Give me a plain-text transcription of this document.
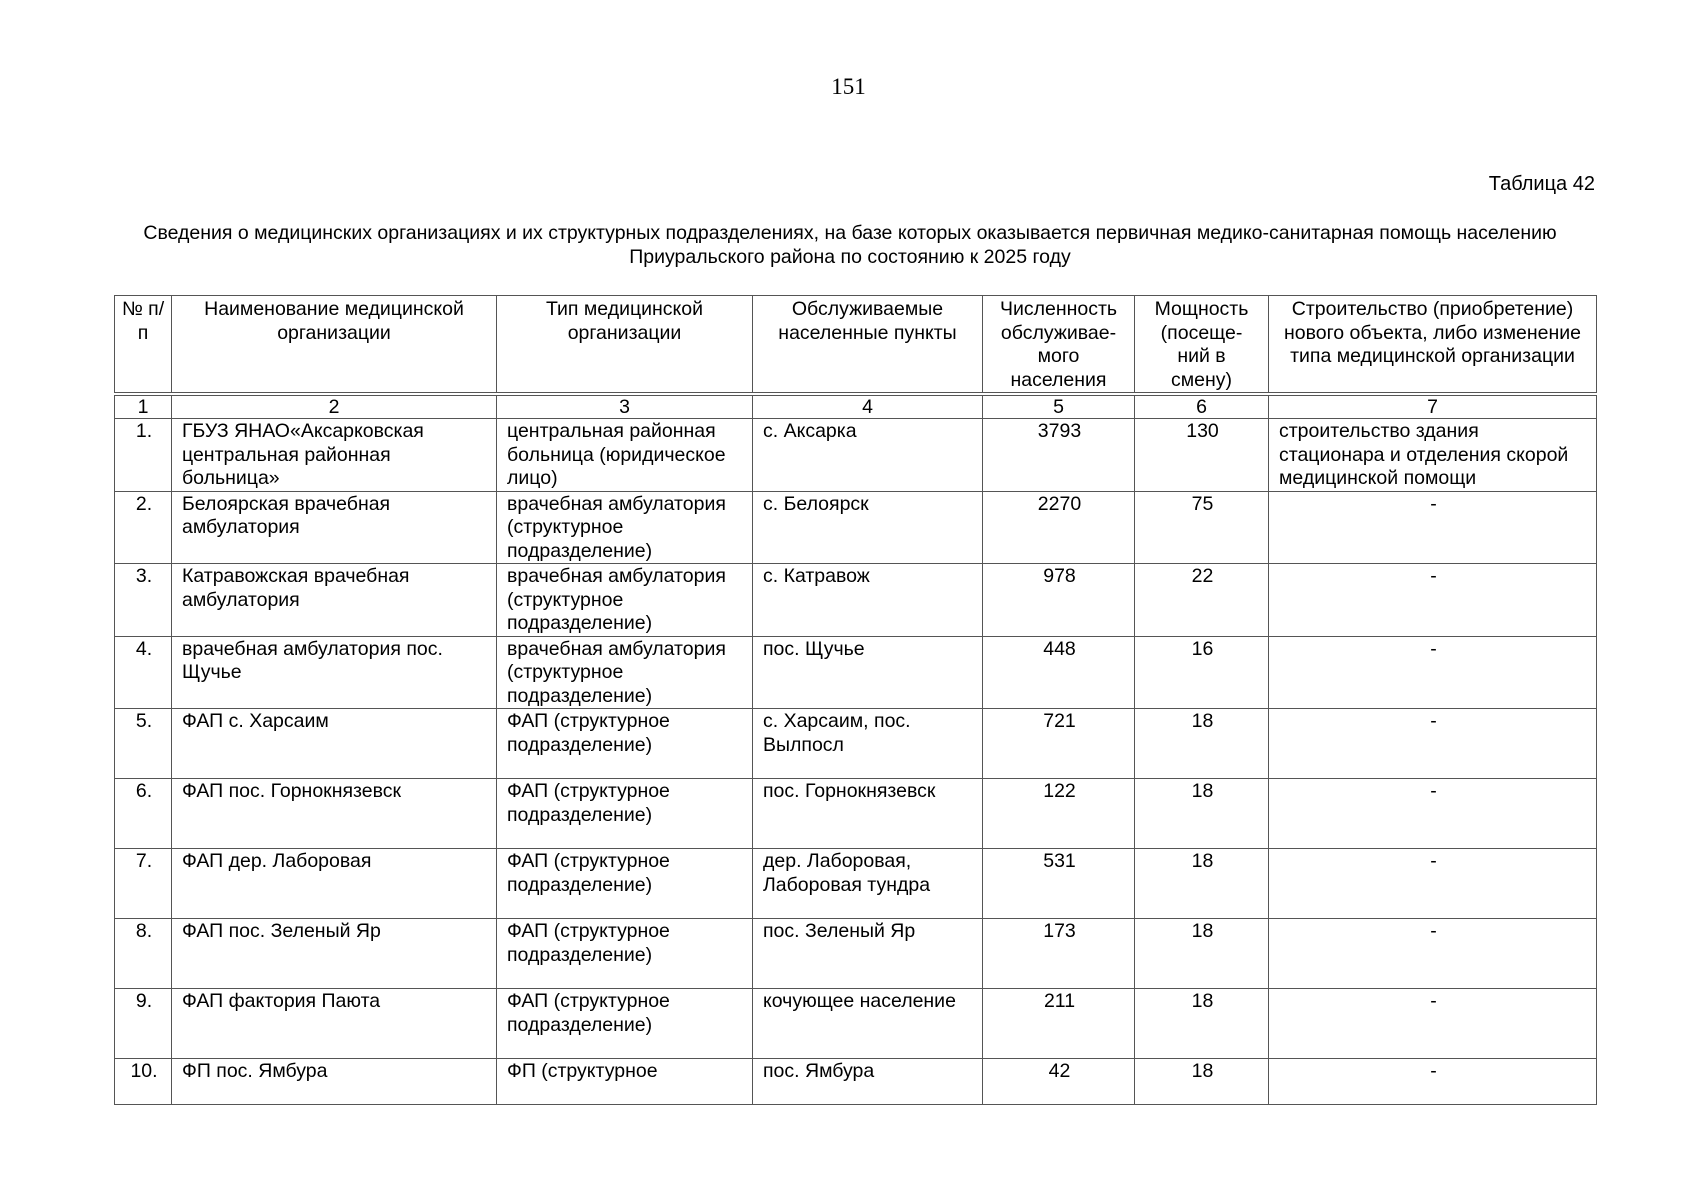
151
Таблица 42
Сведения о медицинских организациях и их структурных подразделениях, на базе которых оказывается первичная медико-санитарная помощь населению
Приуральского района по состоянию к 2025 году
№ п/п	Наименование медицинской организации	Тип медицинской организации	Обслуживаемые населенные пункты	Численность обслуживае-мого населения	Мощность (посеще-ний в смену)	Строительство (приобретение) нового объекта, либо изменение типа медицинской организации
1	2	3	4	5	6	7
1.	ГБУЗ ЯНАО«Аксарковская центральная районная больница»	центральная районная больница (юридическое лицо)	с. Аксарка	3793	130	строительство здания стационара и отделения скорой медицинской помощи
2.	Белоярская врачебная амбулатория	врачебная амбулатория (структурное подразделение)	с. Белоярск	2270	75	-
3.	Катравожская врачебная амбулатория	врачебная амбулатория (структурное подразделение)	с. Катравож	978	22	-
4.	врачебная амбулатория пос. Щучье	врачебная амбулатория (структурное подразделение)	пос. Щучье	448	16	-
5.	ФАП с. Харсаим	ФАП (структурное подразделение)	с. Харсаим, пос. Вылпосл	721	18	-
6.	ФАП пос. Горнокнязевск	ФАП (структурное подразделение)	пос. Горнокнязевск	122	18	-
7.	ФАП дер. Лаборовая	ФАП (структурное подразделение)	дер. Лаборовая, Лаборовая тундра	531	18	-
8.	ФАП пос. Зеленый Яр	ФАП (структурное подразделение)	пос. Зеленый Яр	173	18	-
9.	ФАП фактория Паюта	ФАП (структурное подразделение)	кочующее население	211	18	-
10.	ФП пос. Ямбура	ФП (структурное	пос. Ямбура	42	18	-
